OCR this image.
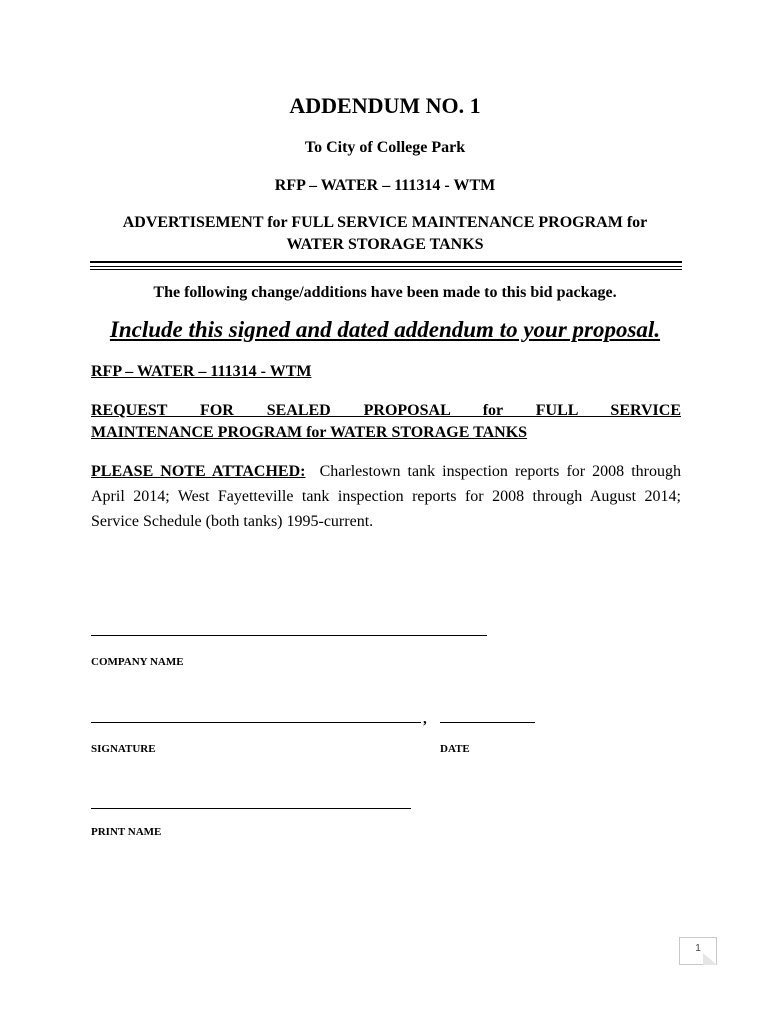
ADDENDUM NO. 1
To City of College Park
RFP – WATER – 111314 - WTM
ADVERTISEMENT for FULL SERVICE MAINTENANCE PROGRAM for
WATER STORAGE TANKS
The following change/additions have been made to this bid package.
Include this signed and dated addendum to your proposal.
RFP – WATER – 111314 - WTM
REQUEST FOR SEALED PROPOSAL for FULL SERVICE
MAINTENANCE PROGRAM for WATER STORAGE TANKS
PLEASE NOTE ATTACHED: Charlestown tank inspection reports for 2008 through April 2014; West Fayetteville tank inspection reports for 2008 through August 2014; Service Schedule (both tanks) 1995-current.
COMPANY NAME
,
SIGNATURE	DATE
PRINT NAME
1
